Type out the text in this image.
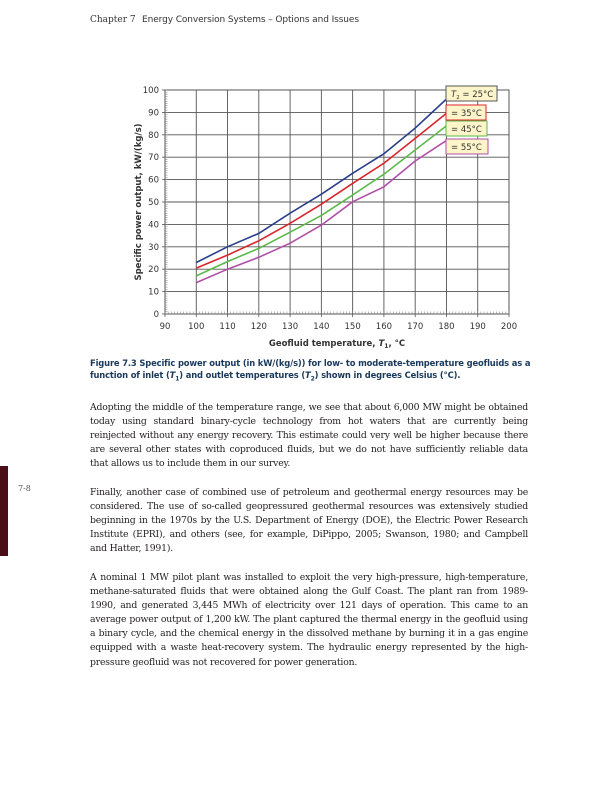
Chapter 7 Energy Conversion Systems – Options and Issues
0
10
20
30
40
50
60
70
80
90
100
90 100 110 120 130 140 150 160 170 180 190 200
Geofluid temperature, $T_1$, °C
Specific power output, kW/(kg/s)
$T_2 = 25^\circ C$
= 35°C
= 45°C
= 55°C
Figure 7.3 Specific power output (in kW/(kg/s)) for low- to moderate-temperature geofluids as a function of inlet $(T_1)$ and outlet temperatures $(T_2)$ shown in degrees Celsius (°C).

Adopting the middle of the temperature range, we see that about 6,000 MW might be obtained today using standard binary-cycle technology from hot waters that are currently being reinjected without any energy recovery. This estimate could very well be higher because there are several other states with coproduced fluids, but we do not have sufficiently reliable data that allows us to include them in our survey.

Finally, another case of combined use of petroleum and geothermal energy resources may be considered. The use of so-called geopressured geothermal resources was extensively studied beginning in the 1970s by the U.S. Department of Energy (DOE), the Electric Power Research Institute (EPRI), and others (see, for example, DiPippo, 2005; Swanson, 1980; and Campbell and Hatter, 1991).

A nominal 1 MW pilot plant was installed to exploit the very high-pressure, high-temperature, methane-saturated fluids that were obtained along the Gulf Coast. The plant ran from 1989-1990, and generated 3,445 MWh of electricity over 121 days of operation. This came to an average power output of 1,200 kW. The plant captured the thermal energy in the geofluid using a binary cycle, and the chemical energy in the dissolved methane by burning it in a gas engine equipped with a waste heat-recovery system. The hydraulic energy represented by the high-pressure geofluid was not recovered for power generation.

7-8
